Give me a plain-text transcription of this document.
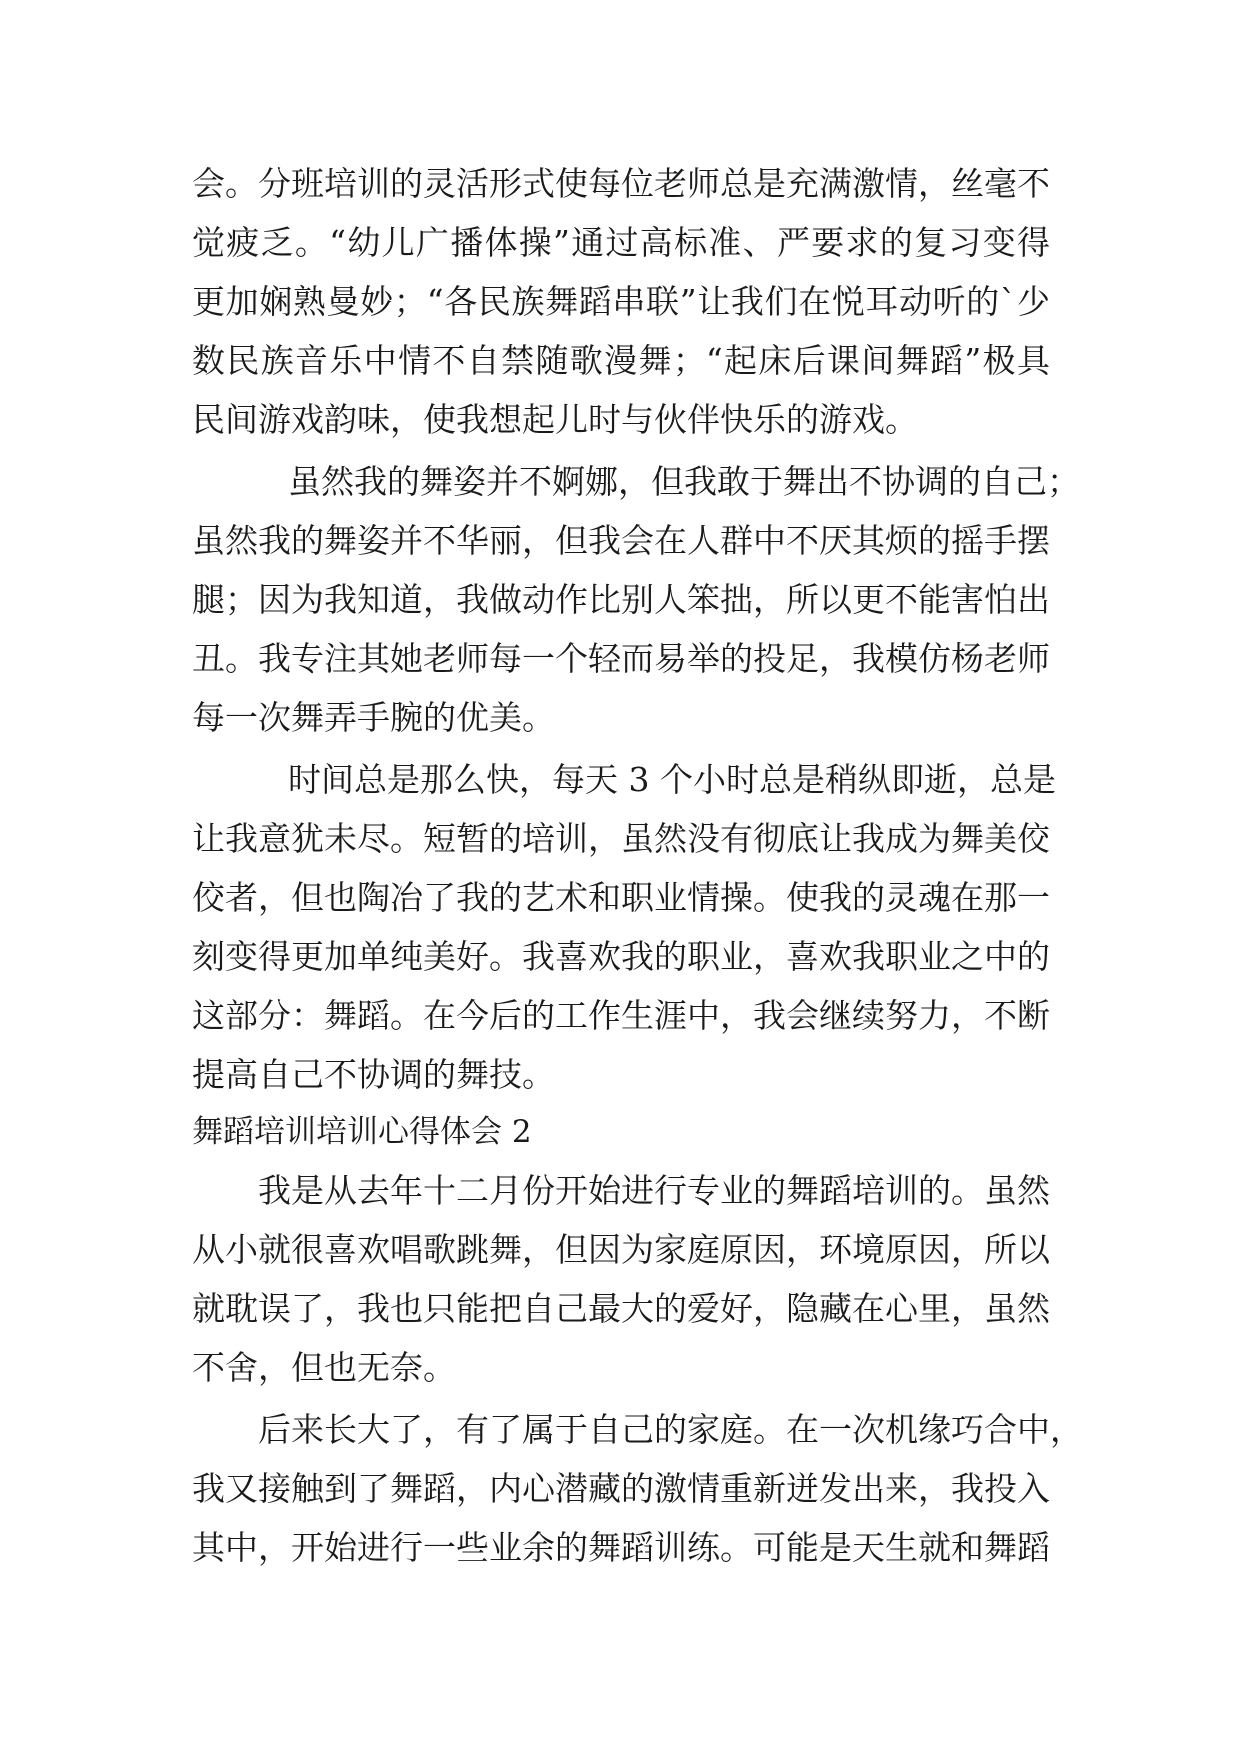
会。分班培训的灵活形式使每位老师总是充满激情，丝毫不
觉疲乏。“幼儿广播体操”通过高标准、严要求的复习变得
更加娴熟曼妙；“各民族舞蹈串联”让我们在悦耳动听的`少
数民族音乐中情不自禁随歌漫舞；“起床后课间舞蹈”极具
民间游戏韵味，使我想起儿时与伙伴快乐的游戏。
虽然我的舞姿并不婀娜，但我敢于舞出不协调的自己；
虽然我的舞姿并不华丽，但我会在人群中不厌其烦的摇手摆
腿；因为我知道，我做动作比别人笨拙，所以更不能害怕出
丑。我专注其她老师每一个轻而易举的投足，我模仿杨老师
每一次舞弄手腕的优美。
时间总是那么快，每天 3 个小时总是稍纵即逝，总是
让我意犹未尽。短暂的培训，虽然没有彻底让我成为舞美佼
佼者，但也陶冶了我的艺术和职业情操。使我的灵魂在那一
刻变得更加单纯美好。我喜欢我的职业，喜欢我职业之中的
这部分：舞蹈。在今后的工作生涯中，我会继续努力，不断
提高自己不协调的舞技。
舞蹈培训培训心得体会 2
我是从去年十二月份开始进行专业的舞蹈培训的。虽然
从小就很喜欢唱歌跳舞，但因为家庭原因，环境原因，所以
就耽误了，我也只能把自己最大的爱好，隐藏在心里，虽然
不舍，但也无奈。
后来长大了，有了属于自己的家庭。在一次机缘巧合中，
我又接触到了舞蹈，内心潜藏的激情重新迸发出来，我投入
其中，开始进行一些业余的舞蹈训练。可能是天生就和舞蹈
